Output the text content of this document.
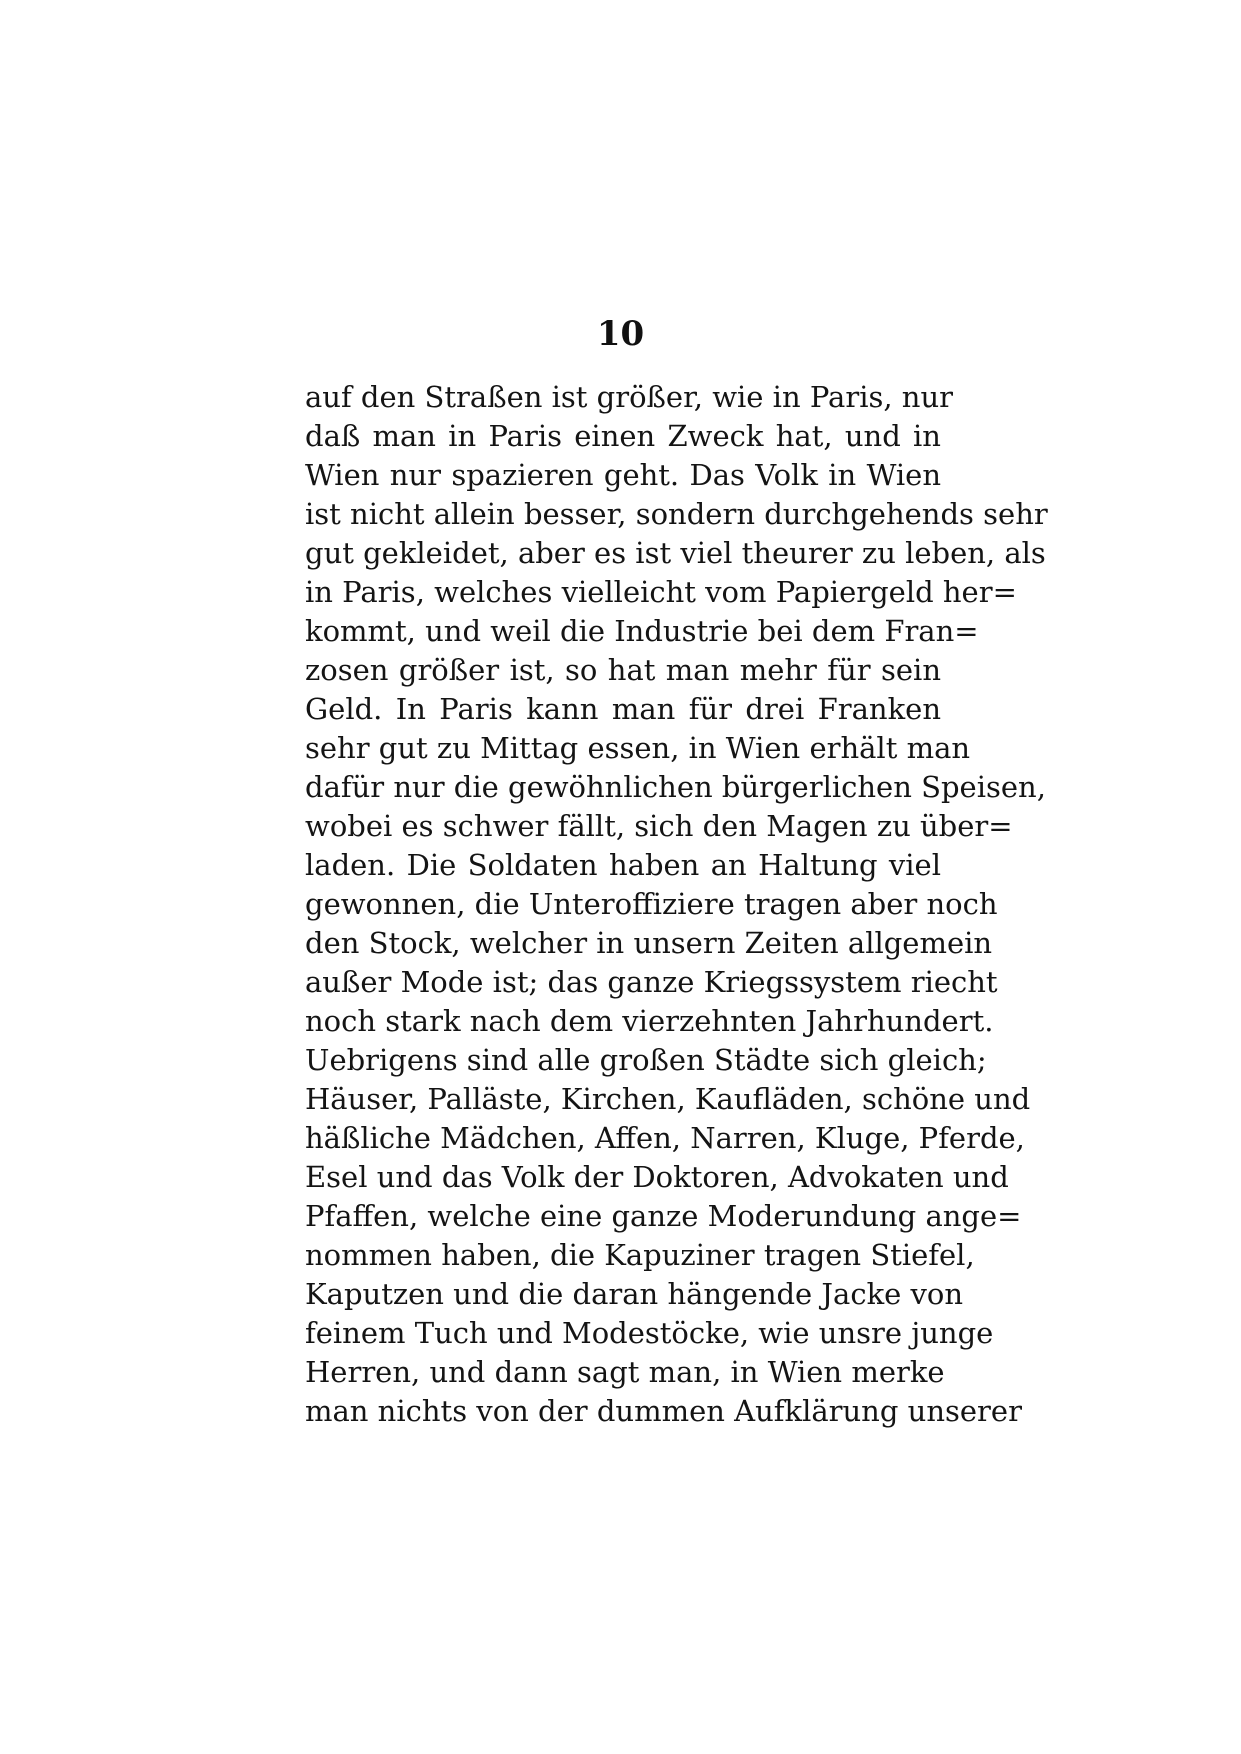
10
auf den Straßen ist größer, wie in Paris, nur
daß man in Paris einen Zweck hat, und in
Wien nur spazieren geht. Das Volk in Wien
ist nicht allein besser, sondern durchgehends sehr
gut gekleidet, aber es ist viel theurer zu leben, als
in Paris, welches vielleicht vom Papiergeld her=
kommt, und weil die Industrie bei dem Fran=
zosen größer ist, so hat man mehr für sein
Geld. In Paris kann man für drei Franken
sehr gut zu Mittag essen, in Wien erhält man
dafür nur die gewöhnlichen bürgerlichen Speisen,
wobei es schwer fällt, sich den Magen zu über=
laden. Die Soldaten haben an Haltung viel
gewonnen, die Unteroffiziere tragen aber noch
den Stock, welcher in unsern Zeiten allgemein
außer Mode ist; das ganze Kriegssystem riecht
noch stark nach dem vierzehnten Jahrhundert.
Uebrigens sind alle großen Städte sich gleich;
Häuser, Palläste, Kirchen, Kaufläden, schöne und
häßliche Mädchen, Affen, Narren, Kluge, Pferde,
Esel und das Volk der Doktoren, Advokaten und
Pfaffen, welche eine ganze Moderundung ange=
nommen haben, die Kapuziner tragen Stiefel,
Kaputzen und die daran hängende Jacke von
feinem Tuch und Modestöcke, wie unsre junge
Herren, und dann sagt man, in Wien merke
man nichts von der dummen Aufklärung unserer
